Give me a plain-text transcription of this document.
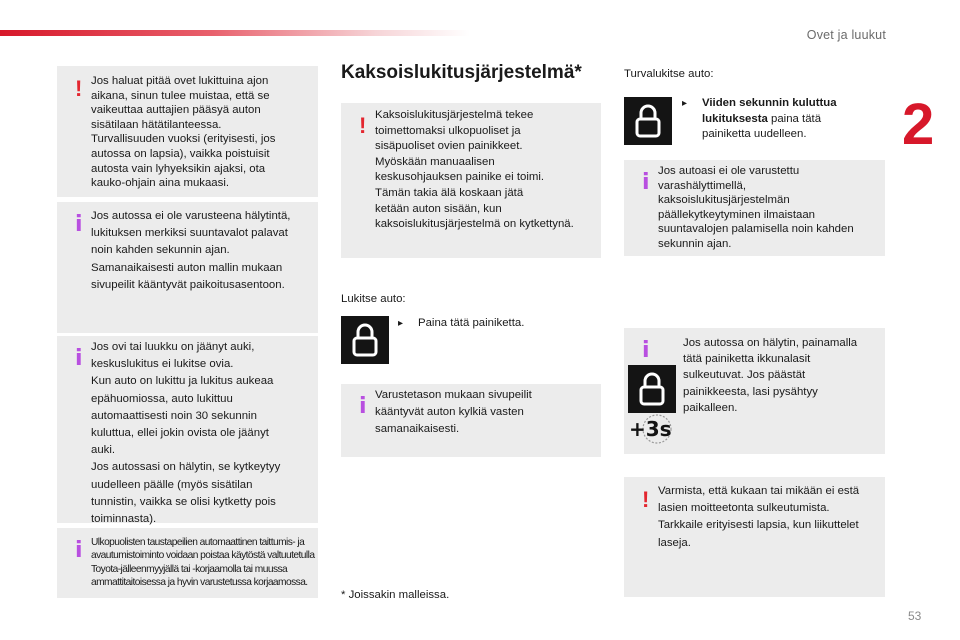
Ovet ja luukut
2
53
! Jos haluat pitää ovet lukittuina ajon
aikana, sinun tulee muistaa, että se
vaikeuttaa auttajien pääsyä auton
sisätilaan hätätilanteessa.
Turvallisuuden vuoksi (erityisesti, jos
autossa on lapsia), vaikka poistuisit
autosta vain lyhyeksikin ajaksi, ota
kauko-ohjain aina mukaasi.
i Jos autossa ei ole varusteena hälytintä,
lukituksen merkiksi suuntavalot palavat
noin kahden sekunnin ajan.
Samanaikaisesti auton mallin mukaan
sivupeilit kääntyvät paikoitusasentoon.
i Jos ovi tai luukku on jäänyt auki,
keskuslukitus ei lukitse ovia.
Kun auto on lukittu ja lukitus aukeaa
epähuomiossa, auto lukittuu
automaattisesti noin 30 sekunnin
kuluttua, ellei jokin ovista ole jäänyt
auki.
Jos autossasi on hälytin, se kytkeytyy
uudelleen päälle (myös sisätilan
tunnistin, vaikka se olisi kytketty pois
toiminnasta).
i Ulkopuolisten taustapeilien automaattinen taittumis- ja
avautumistoiminto voidaan poistaa käytöstä valtuutetulla
Toyota-jälleenmyyjällä tai -korjaamolla tai muussa
ammattitaitoisessa ja hyvin varustetussa korjaamossa.
Kaksoislukitusjärjestelmä*
! Kaksoislukitusjärjestelmä tekee
toimettomaksi ulkopuoliset ja
sisäpuoliset ovien painikkeet.
Myöskään manuaalisen
keskusohjauksen painike ei toimi.
Tämän takia älä koskaan jätä
ketään auton sisään, kun
kaksoislukitusjärjestelmä on kytkettynä.
Lukitse auto:
▸ Paina tätä painiketta.
i Varustetason mukaan sivupeilit
kääntyvät auton kylkiä vasten
samanaikaisesti.
* Joissakin malleissa.
Turvalukitse auto:
▸ Viiden sekunnin kuluttua
lukituksesta paina tätä
painiketta uudelleen.
i Jos autoasi ei ole varustettu
varashälyttimellä,
kaksoislukitusjärjestelmän
päällekytkeytyminen ilmaistaan
suuntavalojen palamisella noin kahden
sekunnin ajan.
i
+3s
Jos autossa on hälytin, painamalla
tätä painiketta ikkunalasit
sulkeutuvat. Jos päästät
painikkeesta, lasi pysähtyy
paikalleen.
! Varmista, että kukaan tai mikään ei estä
lasien moitteetonta sulkeutumista.
Tarkkaile erityisesti lapsia, kun liikuttelet
laseja.
